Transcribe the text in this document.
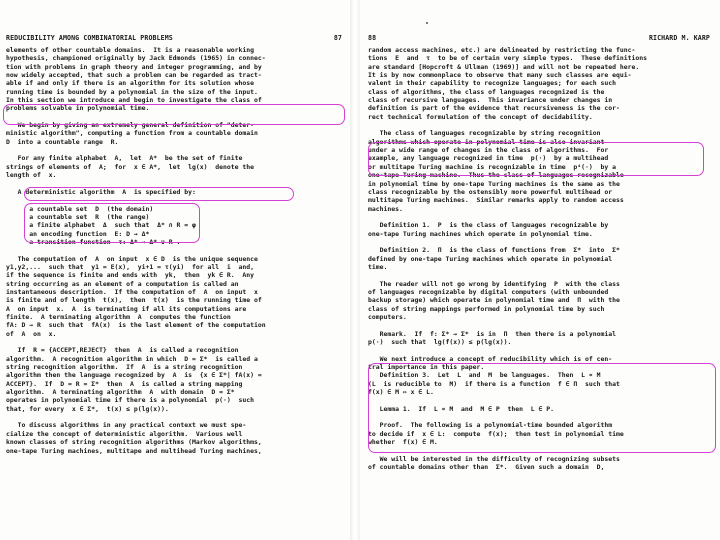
REDUCIBILITY AMONG COMBINATORIAL PROBLEMS	87
elements of other countable domains.  It is a reasonable working
hypothesis, championed originally by Jack Edmonds (1965) in connec-
tion with problems in graph theory and integer programming, and by
now widely accepted, that such a problem can be regarded as tract-
able if and only if there is an algorithm for its solution whose
running time is bounded by a polynomial in the size of the input.
In this section we introduce and begin to investigate the class of
problems solvable in polynomial time.

We begin by giving an extremely general definition of "deter-
ministic algorithm", computing a function from a countable domain
D  into a countable range  R.

For any finite alphabet  A,  let  A*  be the set of finite
strings of elements of  A;  for  x ∈ A*,  let  lg(x)  denote the
length of  x.

A deterministic algorithm  A  is specified by:

a countable set  D  (the domain)
a countable set  R  (the range)
a finite alphabet  Δ  such that  Δ* ∩ R = φ
an encoding function  E: D → Δ*
a transition function  τ: Δ* → Δ* ∪ R .

The computation of  A  on input  x ∈ D  is the unique sequence
y1,y2,...  such that  y1 = E(x),  yi+1 = τ(yi)  for all  i  and,
if the sequence is finite and ends with  yk,  then  yk ∈ R.  Any
string occurring as an element of a computation is called an
instantaneous description.  If the computation of  A  on input  x
is finite and of length  t(x),  then  t(x)  is the running time of
A  on input  x.  A  is terminating if all its computations are
finite.  A terminating algorithm  A  computes the function
fA: D → R  such that  fA(x)  is the last element of the computation
of  A  on  x.

If  R = {ACCEPT,REJECT}  then  A  is called a recognition
algorithm.  A recognition algorithm in which  D = Σ*  is called a
string recognition algorithm.  If  A  is a string recognition
algorithm then the language recognized by  A  is  {x ∈ Σ*| fA(x) =
ACCEPT}.  If  D = R = Σ*  then  A  is called a string mapping
algorithm.  A terminating algorithm  A  with domain  D = Σ*
operates in polynomial time if there is a polynomial  p(·)  such
that, for every  x ∈ Σ*,  t(x) ≤ p(lg(x)).

To discuss algorithms in any practical context we must spe-
cialize the concept of deterministic algorithm.  Various well
known classes of string recognition algorithms (Markov algorithms,
one-tape Turing machines, multitape and multihead Turing machines,
88	RICHARD M. KARP
random access machines, etc.) are delineated by restricting the func-
tions  E  and  τ  to be of certain very simple types.  These definitions
are standard [Hopcroft & Ullman (1969)] and will not be repeated here.
It is by now commonplace to observe that many such classes are equi-
valent in their capability to recognize languages; for each such
class of algorithms, the class of languages recognized is the
class of recursive languages.  This invariance under changes in
definition is part of the evidence that recursiveness is the cor-
rect technical formulation of the concept of decidability.

The class of languages recognizable by string recognition
algorithms which operate in polynomial time is also invariant
under a wide range of changes in the class of algorithms.  For
example, any language recognized in time  p(·)  by a multihead
or multitape Turing machine is recognizable in time  p⁴(·)  by a
one-tape Turing machine.  Thus the class of languages recognizable
in polynomial time by one-tape Turing machines is the same as the
class recognizable by the ostensibly more powerful multihead or
multitape Turing machines.  Similar remarks apply to random access
machines.

Definition 1.  P  is the class of languages recognizable by
one-tape Turing machines which operate in polynomial time.

Definition 2.  Π  is the class of functions from  Σ*  into  Σ*
defined by one-tape Turing machines which operate in polynomial
time.

The reader will not go wrong by identifying  P  with the class
of languages recognizable by digital computers (with unbounded
backup storage) which operate in polynomial time and  Π  with the
class of string mappings performed in polynomial time by such
computers.

Remark.  If  f: Σ* → Σ*  is in  Π  then there is a polynomial
p(·)  such that  lg(f(x)) ≤ p(lg(x)).

We next introduce a concept of reducibility which is of cen-
tral importance in this paper.
Definition 3.  Let  L  and  M  be languages.  Then  L ∝ M
(L  is reducible to  M)  if there is a function  f ∈ Π  such that
f(x) ∈ M ⇔ x ∈ L.

Lemma 1.  If  L ∝ M  and  M ∈ P  then  L ∈ P.

Proof.  The following is a polynomial-time bounded algorithm
to decide if  x ∈ L:  compute  f(x);  then test in polynomial time
whether  f(x) ∈ M.

We will be interested in the difficulty of recognizing subsets
of countable domains other than  Σ*.  Given such a domain  D,
